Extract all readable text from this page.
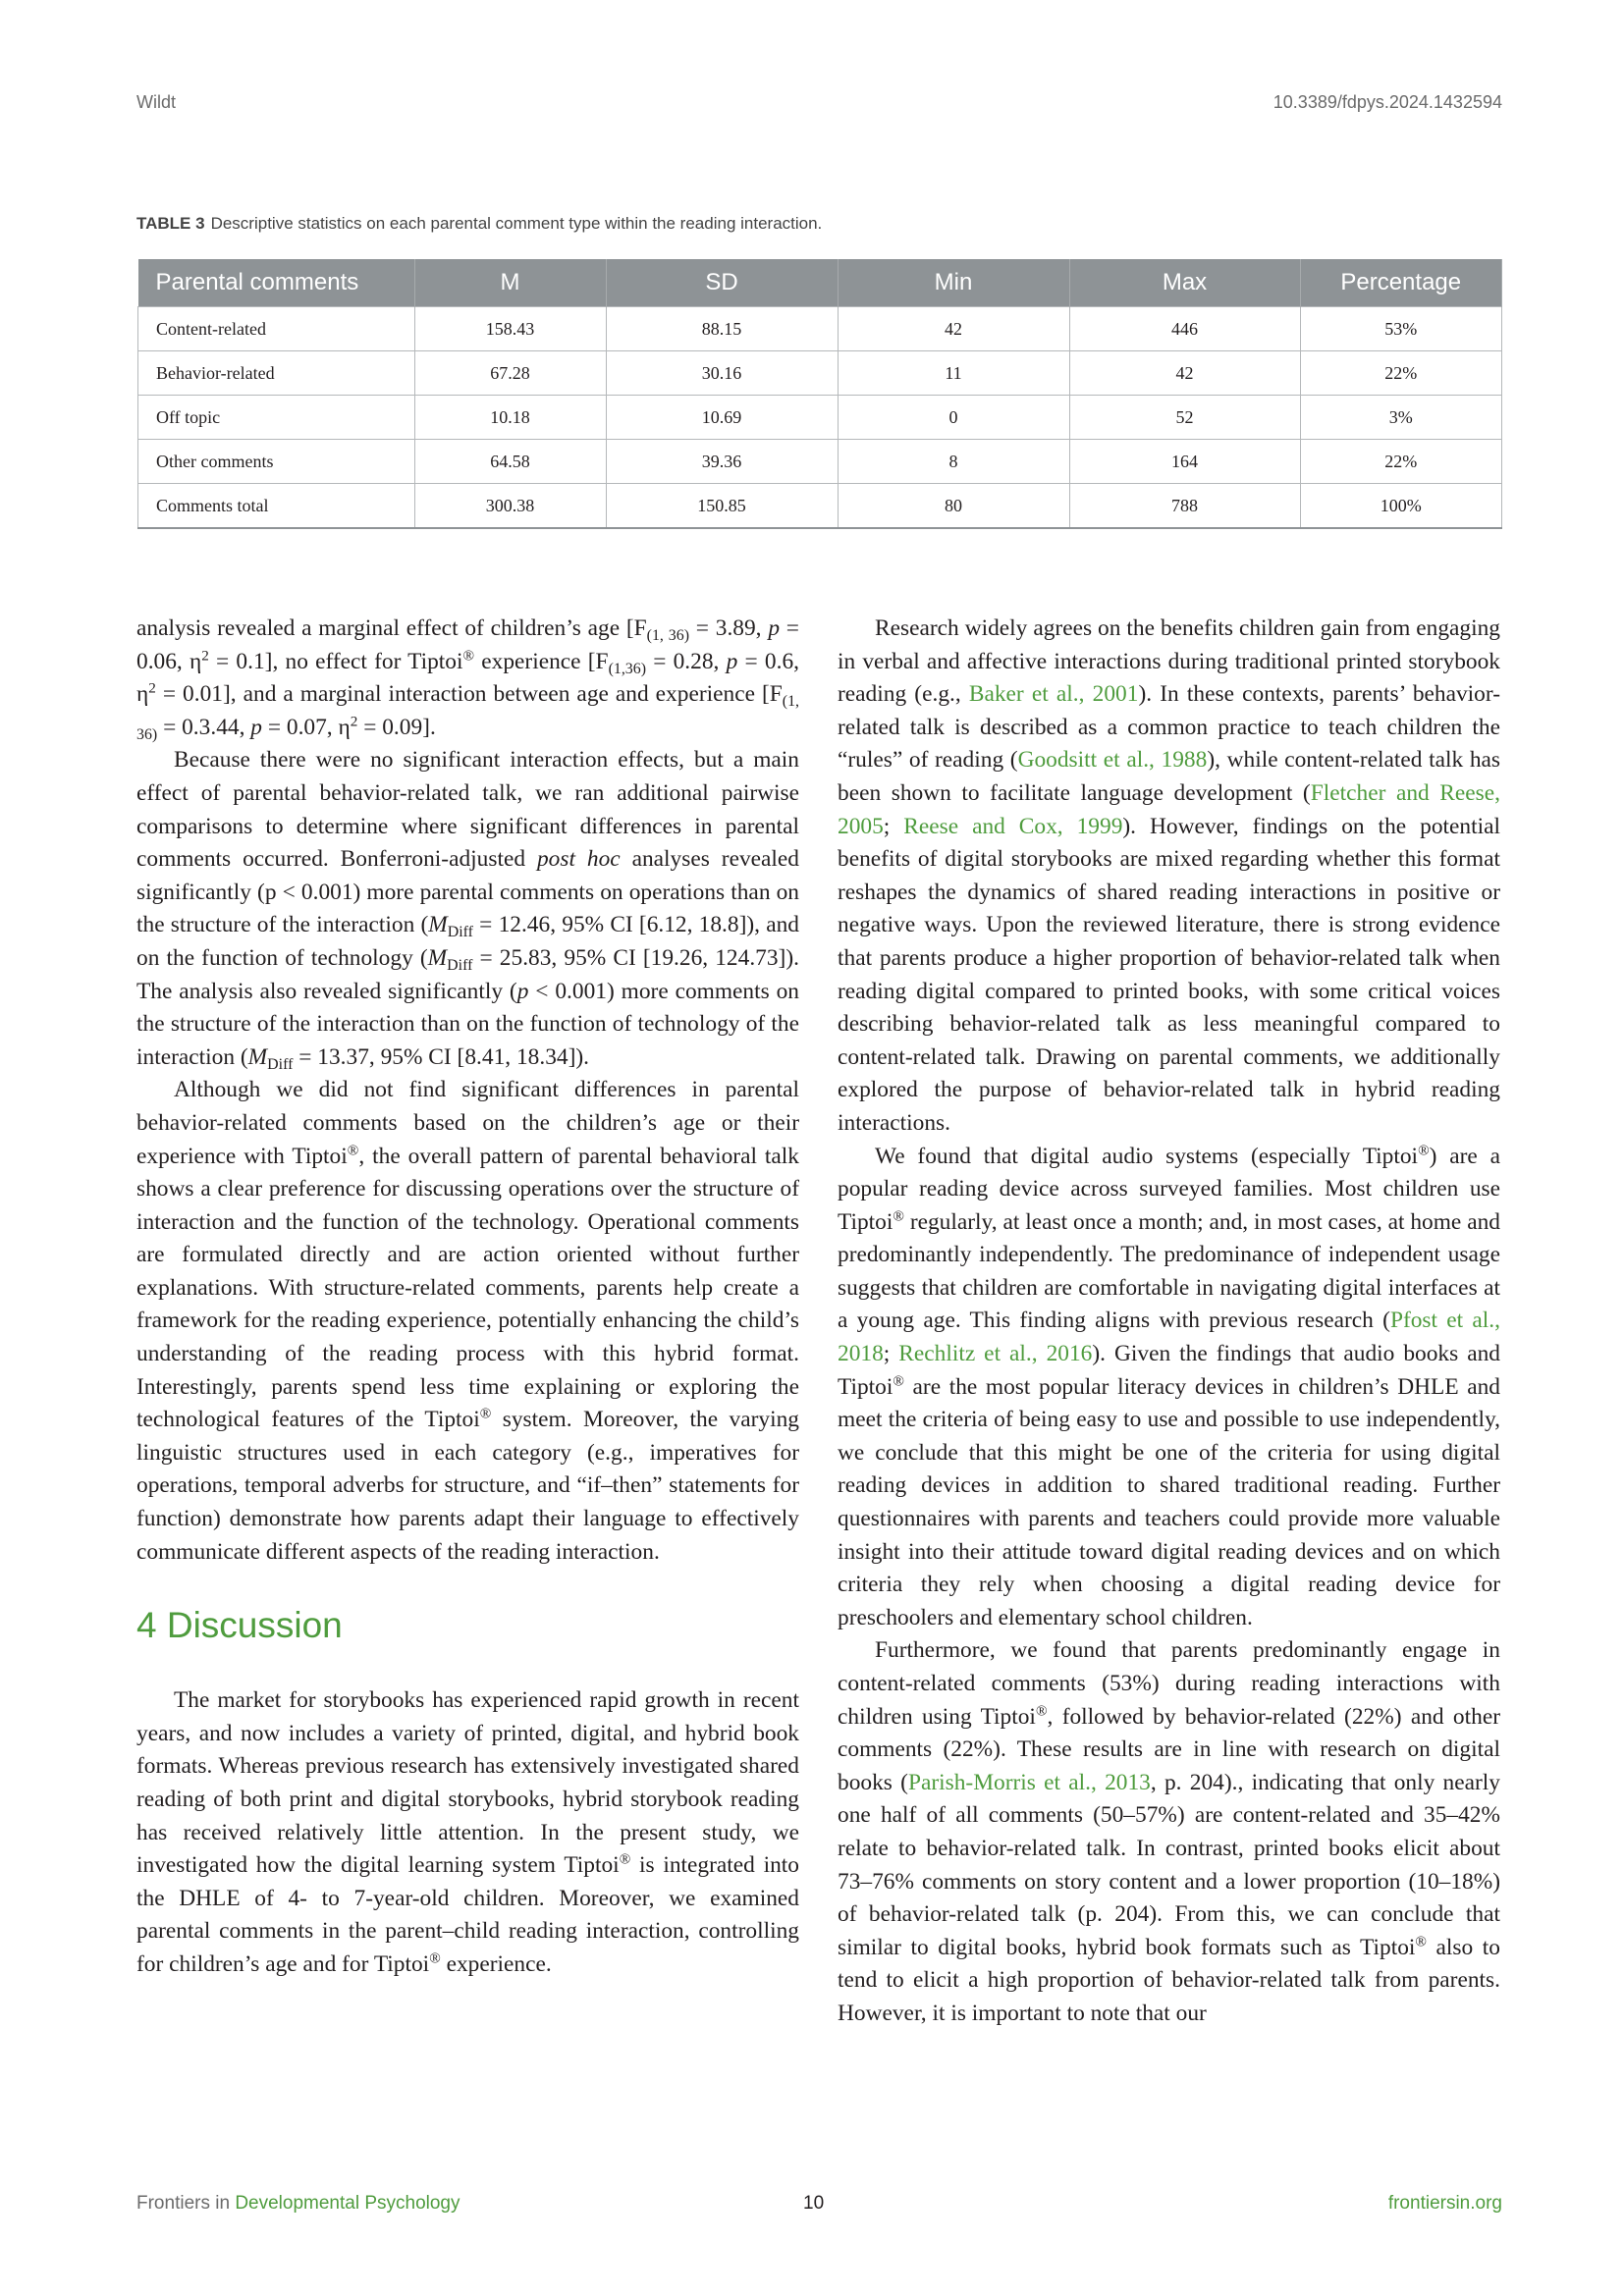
Wildt	10.3389/fdpys.2024.1432594
TABLE 3 Descriptive statistics on each parental comment type within the reading interaction.
Parental comments	M	SD	Min	Max	Percentage
Content-related	158.43	88.15	42	446	53%
Behavior-related	67.28	30.16	11	42	22%
Off topic	10.18	10.69	0	52	3%
Other comments	64.58	39.36	8	164	22%
Comments total	300.38	150.85	80	788	100%

analysis revealed a marginal effect of children’s age [$F_{(1, 36)} = 3.89$, p = 0.06, $\eta^2 = 0.1$], no effect for Tiptoi® experience [$F_{(1,36)} = 0.28$, p = 0.6, $\eta^2 = 0.01$], and a marginal interaction between age and experience [$F_{(1, 36)} = 0.3.44$, p = 0.07, $\eta^2 = 0.09$].

Because there were no significant interaction effects, but a main effect of parental behavior-related talk, we ran additional pairwise comparisons to determine where significant differences in parental comments occurred. Bonferroni-adjusted post hoc analyses revealed significantly (p < 0.001) more parental comments on operations than on the structure of the interaction ($M_{Diff} = 12.46$, 95% CI [6.12, 18.8]), and on the function of technology ($M_{Diff} = 25.83$, 95% CI [19.26, 124.73]). The analysis also revealed significantly (p < 0.001) more comments on the structure of the interaction than on the function of technology of the interaction ($M_{Diff} = 13.37$, 95% CI [8.41, 18.34]).

Although we did not find significant differences in parental behavior-related comments based on the children’s age or their experience with Tiptoi®, the overall pattern of parental behavioral talk shows a clear preference for discussing operations over the structure of interaction and the function of the technology. Operational comments are formulated directly and are action oriented without further explanations. With structure-related comments, parents help create a framework for the reading experience, potentially enhancing the child’s understanding of the reading process with this hybrid format. Interestingly, parents spend less time explaining or exploring the technological features of the Tiptoi® system. Moreover, the varying linguistic structures used in each category (e.g., imperatives for operations, temporal adverbs for structure, and “if–then” statements for function) demonstrate how parents adapt their language to effectively communicate different aspects of the reading interaction.

4 Discussion

The market for storybooks has experienced rapid growth in recent years, and now includes a variety of printed, digital, and hybrid book formats. Whereas previous research has extensively investigated shared reading of both print and digital storybooks, hybrid storybook reading has received relatively little attention. In the present study, we investigated how the digital learning system Tiptoi® is integrated into the DHLE of 4- to 7-year-old children. Moreover, we examined parental comments in the parent–child reading interaction, controlling for children’s age and for Tiptoi® experience.

Research widely agrees on the benefits children gain from engaging in verbal and affective interactions during traditional printed storybook reading (e.g., Baker et al., 2001). In these contexts, parents’ behavior-related talk is described as a common practice to teach children the “rules” of reading (Goodsitt et al., 1988), while content-related talk has been shown to facilitate language development (Fletcher and Reese, 2005; Reese and Cox, 1999). However, findings on the potential benefits of digital storybooks are mixed regarding whether this format reshapes the dynamics of shared reading interactions in positive or negative ways. Upon the reviewed literature, there is strong evidence that parents produce a higher proportion of behavior-related talk when reading digital compared to printed books, with some critical voices describing behavior-related talk as less meaningful compared to content-related talk. Drawing on parental comments, we additionally explored the purpose of behavior-related talk in hybrid reading interactions.

We found that digital audio systems (especially Tiptoi®) are a popular reading device across surveyed families. Most children use Tiptoi® regularly, at least once a month; and, in most cases, at home and predominantly independently. The predominance of independent usage suggests that children are comfortable in navigating digital interfaces at a young age. This finding aligns with previous research (Pfost et al., 2018; Rechlitz et al., 2016). Given the findings that audio books and Tiptoi® are the most popular literacy devices in children’s DHLE and meet the criteria of being easy to use and possible to use independently, we conclude that this might be one of the criteria for using digital reading devices in addition to shared traditional reading. Further questionnaires with parents and teachers could provide more valuable insight into their attitude toward digital reading devices and on which criteria they rely when choosing a digital reading device for preschoolers and elementary school children.

Furthermore, we found that parents predominantly engage in content-related comments (53%) during reading interactions with children using Tiptoi®, followed by behavior-related (22%) and other comments (22%). These results are in line with research on digital books (Parish-Morris et al., 2013, p. 204)., indicating that only nearly one half of all comments (50–57%) are content-related and 35–42% relate to behavior-related talk. In contrast, printed books elicit about 73–76% comments on story content and a lower proportion (10–18%) of behavior-related talk (p. 204). From this, we can conclude that similar to digital books, hybrid book formats such as Tiptoi® also to tend to elicit a high proportion of behavior-related talk from parents. However, it is important to note that our

Frontiers in Developmental Psychology	10	frontiersin.org
